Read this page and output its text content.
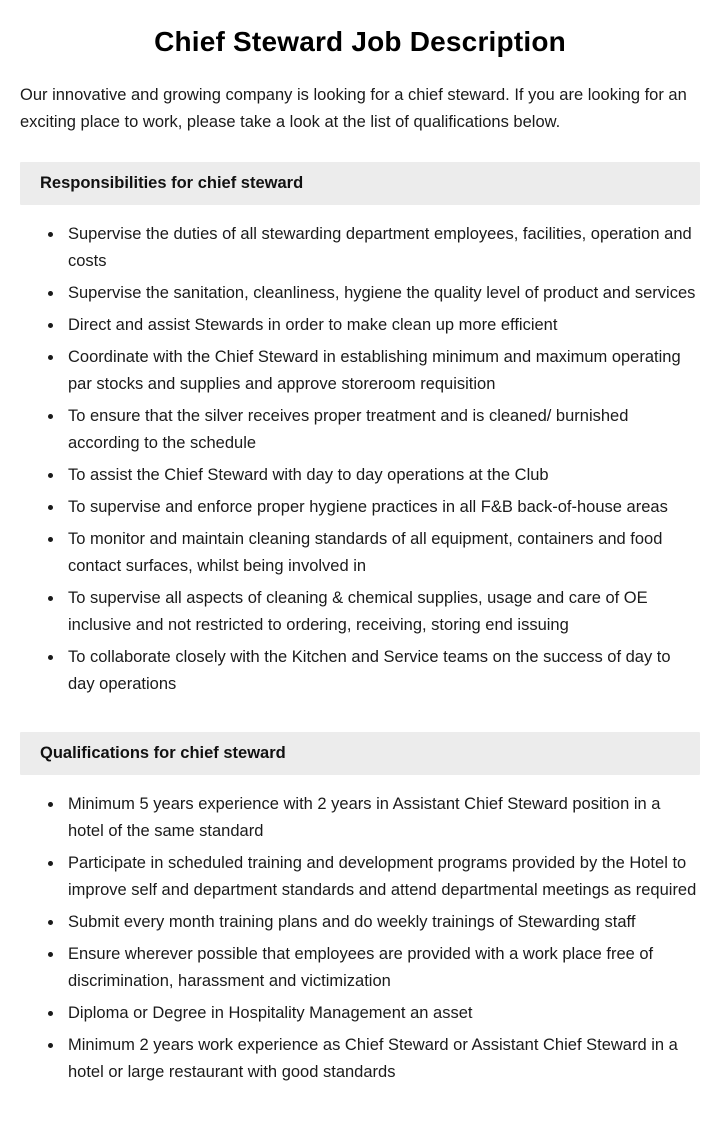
Chief Steward Job Description

Our innovative and growing company is looking for a chief steward. If you are looking for an exciting place to work, please take a look at the list of qualifications below.

Responsibilities for chief steward
• Supervise the duties of all stewarding department employees, facilities, operation and costs
• Supervise the sanitation, cleanliness, hygiene the quality level of product and services
• Direct and assist Stewards in order to make clean up more efficient
• Coordinate with the Chief Steward in establishing minimum and maximum operating par stocks and supplies and approve storeroom requisition
• To ensure that the silver receives proper treatment and is cleaned/ burnished according to the schedule
• To assist the Chief Steward with day to day operations at the Club
• To supervise and enforce proper hygiene practices in all F&B back-of-house areas
• To monitor and maintain cleaning standards of all equipment, containers and food contact surfaces, whilst being involved in
• To supervise all aspects of cleaning & chemical supplies, usage and care of OE inclusive and not restricted to ordering, receiving, storing end issuing
• To collaborate closely with the Kitchen and Service teams on the success of day to day operations
Qualifications for chief steward
• Minimum 5 years experience with 2 years in Assistant Chief Steward position in a hotel of the same standard
• Participate in scheduled training and development programs provided by the Hotel to improve self and department standards and attend departmental meetings as required
• Submit every month training plans and do weekly trainings of Stewarding staff
• Ensure wherever possible that employees are provided with a work place free of discrimination, harassment and victimization
• Diploma or Degree in Hospitality Management an asset
• Minimum 2 years work experience as Chief Steward or Assistant Chief Steward in a hotel or large restaurant with good standards
